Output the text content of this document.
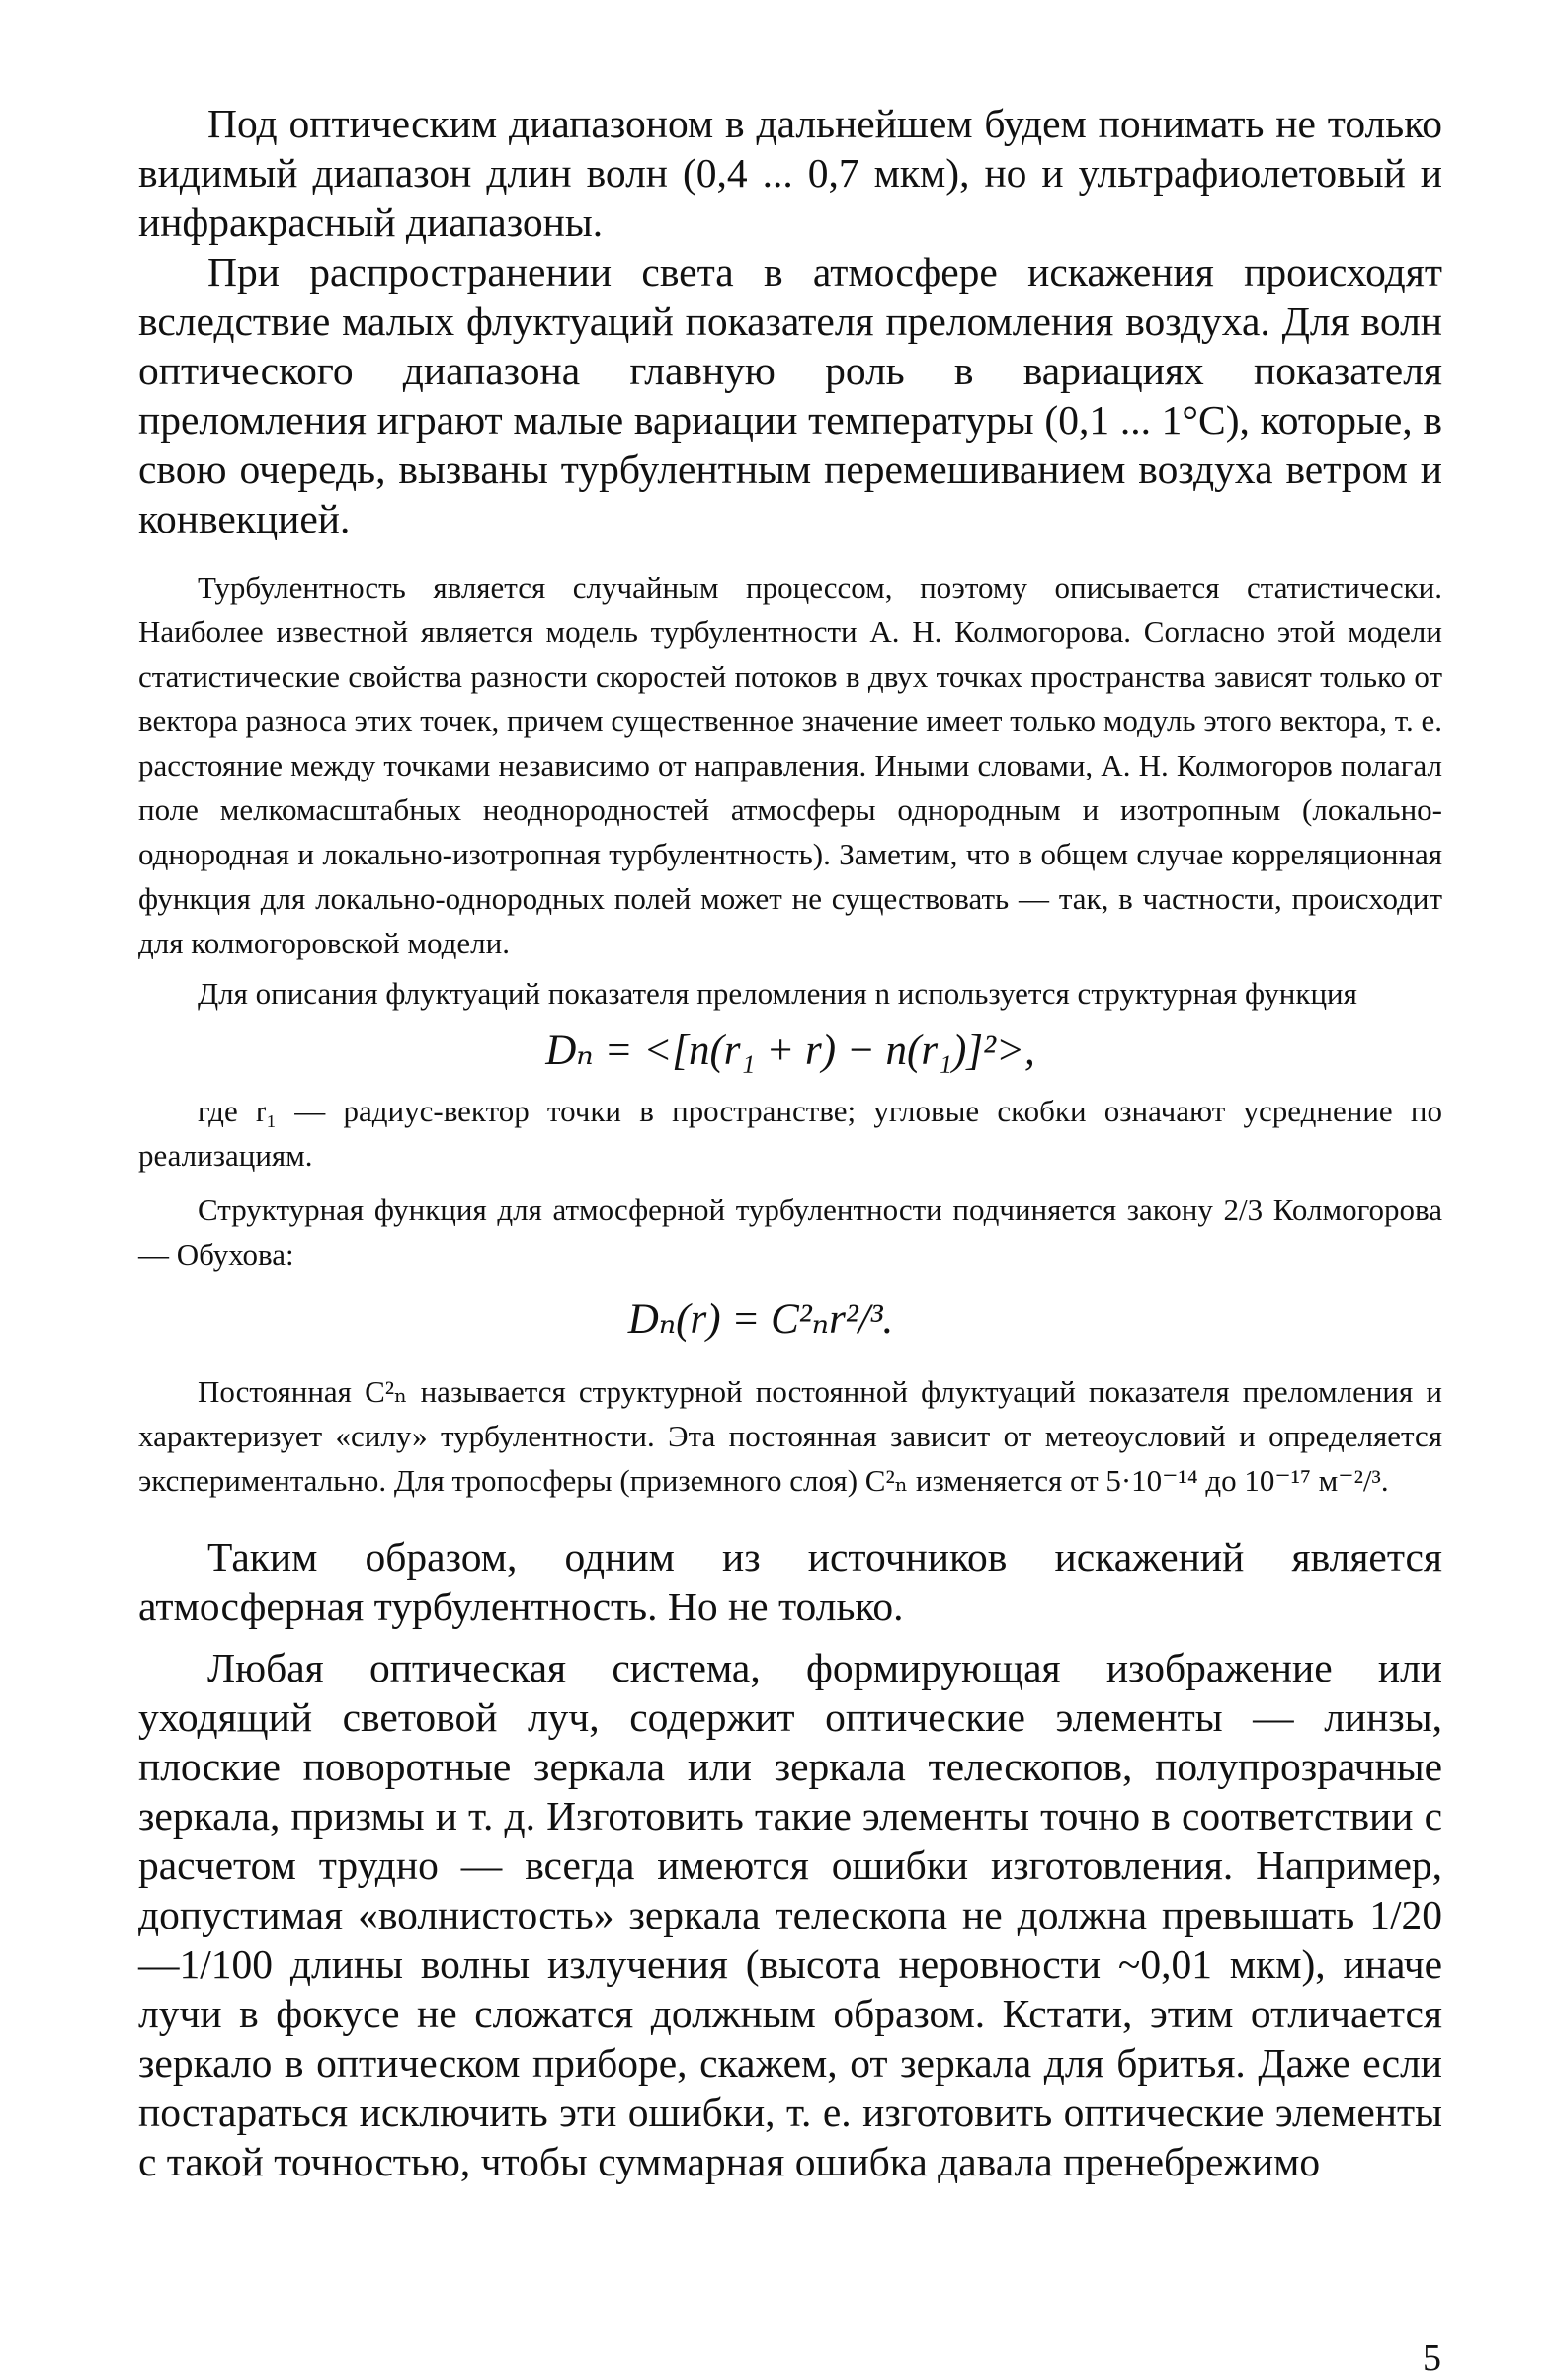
Под оптическим диапазоном в дальнейшем будем понимать не только видимый диапазон длин волн (0,4 ... 0,7 мкм), но и ультрафиолетовый и инфракрасный диапазоны.

При распространении света в атмосфере искажения происходят вследствие малых флуктуаций показателя преломления воздуха. Для волн оптического диапазона главную роль в вариациях показателя преломления играют малые вариации температуры (0,1 ... 1°C), которые, в свою очередь, вызваны турбулентным перемешиванием воздуха ветром и конвекцией.

Турбулентность является случайным процессом, поэтому описывается статистически. Наиболее известной является модель турбулентности А. Н. Колмогорова. Согласно этой модели статистические свойства разности скоростей потоков в двух точках пространства зависят только от вектора разноса этих точек, причем существенное значение имеет только модуль этого вектора, т. е. расстояние между точками независимо от направления. Иными словами, А. Н. Колмогоров полагал поле мелкомасштабных неоднородностей атмосферы однородным и изотропным (локально-однородная и локально-изотропная турбулентность). Заметим, что в общем случае корреляционная функция для локально-однородных полей может не существовать — так, в частности, происходит для колмогоровской модели.

Для описания флуктуаций показателя преломления n используется структурная функция

Dₙ = <[n(r₁ + r) − n(r₁)]²>,

где r₁ — радиус-вектор точки в пространстве; угловые скобки означают усреднение по реализациям.

Структурная функция для атмосферной турбулентности подчиняется закону 2/3 Колмогорова — Обухова:

Dₙ(r) = C²ₙr²/³.

Постоянная C²ₙ называется структурной постоянной флуктуаций показателя преломления и характеризует «силу» турбулентности. Эта постоянная зависит от метеоусловий и определяется экспериментально. Для тропосферы (приземного слоя) C²ₙ изменяется от 5·10⁻¹⁴ до 10⁻¹⁷ м⁻²/³.

Таким образом, одним из источников искажений является атмосферная турбулентность. Но не только.

Любая оптическая система, формирующая изображение или уходящий световой луч, содержит оптические элементы — линзы, плоские поворотные зеркала или зеркала телескопов, полупрозрачные зеркала, призмы и т. д. Изготовить такие элементы точно в соответствии с расчетом трудно — всегда имеются ошибки изготовления. Например, допустимая «волнистость» зеркала телескопа не должна превышать 1/20—1/100 длины волны излучения (высота неровности ~0,01 мкм), иначе лучи в фокусе не сложатся должным образом. Кстати, этим отличается зеркало в оптическом приборе, скажем, от зеркала для бритья. Даже если постараться исключить эти ошибки, т. е. изготовить оптические элементы с такой точностью, чтобы суммарная ошибка давала пренебрежимо

5
